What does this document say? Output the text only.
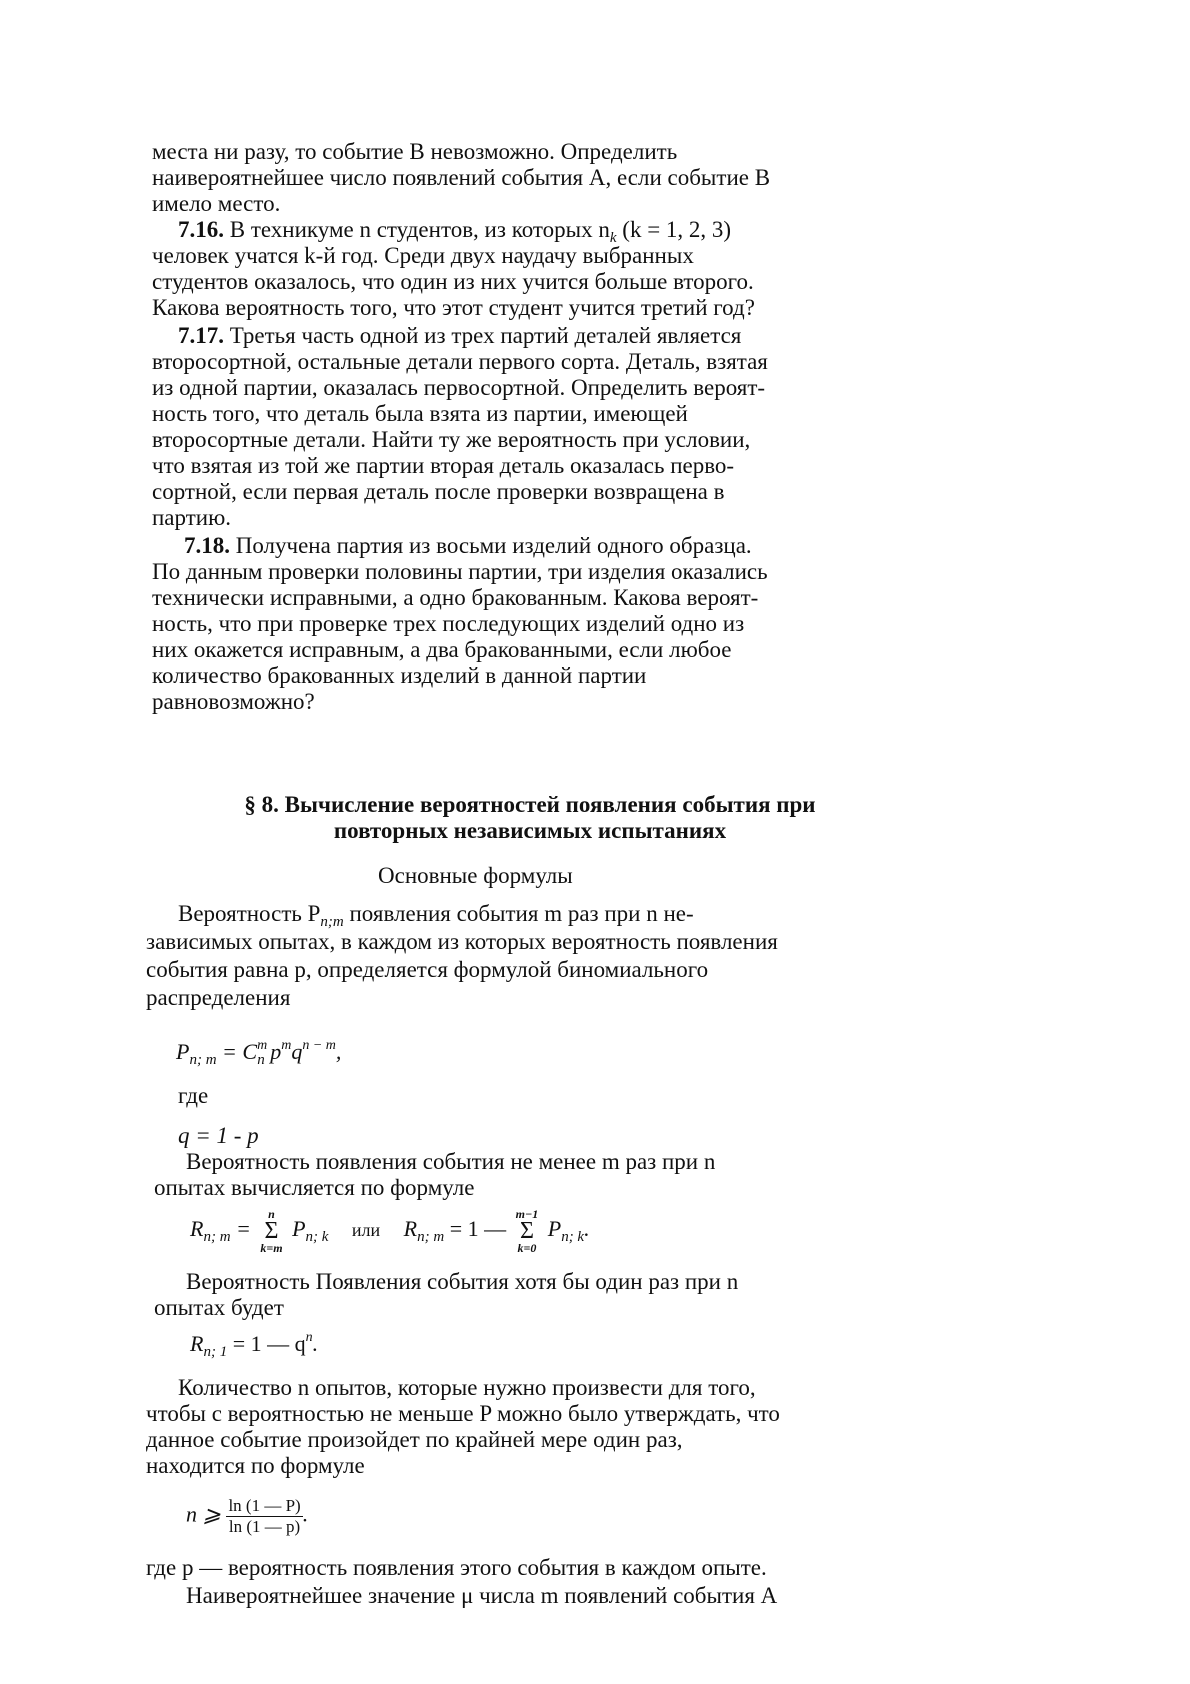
места ни разу, то событие В невозможно. Определить
наивероятнейшее число появлений события А, если событие В
имело место.
7.16. В техникуме n студентов, из которых $n_k$ (k = 1, 2, 3)
человек учатся k-й год. Среди двух наудачу выбранных
студентов оказалось, что один из них учится больше второго.
Какова вероятность того, что этот студент учится третий год?
7.17. Третья часть одной из трех партий деталей является
второсортной, остальные детали первого сорта. Деталь, взятая
из одной партии, оказалась первосортной. Определить вероят-
ность того, что деталь была взята из партии, имеющей
второсортные детали. Найти ту же вероятность при условии,
что взятая из той же партии вторая деталь оказалась перво-
сортной, если первая деталь после проверки возвращена в
партию.
7.18. Получена партия из восьми изделий одного образца.
По данным проверки половины партии, три изделия оказались
технически исправными, а одно бракованным. Какова вероят-
ность, что при проверке трех последующих изделий одно из
них окажется исправным, а два бракованными, если любое
количество бракованных изделий в данной партии
равновозможно?
§ 8. Вычисление вероятностей появления события при
повторных независимых испытаниях
Основные формулы
Вероятность $P_{n;m}$ появления события m раз при n не-
зависимых опытах, в каждом из которых вероятность появления
события равна p, определяется формулой биномиального
распределения
$P_{n; m} = C^m_n$ $p^mq^{n - m}$,
где
q = 1 - p
Вероятность появления события не менее m раз при n
опытах вычисляется по формуле
$R_{n; m}$ =
n
Σ
k=m
$P_{n; k}$ или $R_{n; m} = 1$ —
m−1
Σ
k=0
$P_{n; k}$.
Вероятность Появления события хотя бы один раз при n
опытах будет
$R_{n; 1} = 1$ — $q^n$.
Количество n опытов, которые нужно произвести для того,
чтобы с вероятностью не меньше P можно было утверждать, что
данное событие произойдет по крайней мере один раз,
находится по формуле
n ⩾ $\frac{\ln (1 — P)}{\ln (1 — p)}$ .
где p — вероятность появления этого события в каждом опыте.
Наивероятнейшее значение μ числа m появлений события А
